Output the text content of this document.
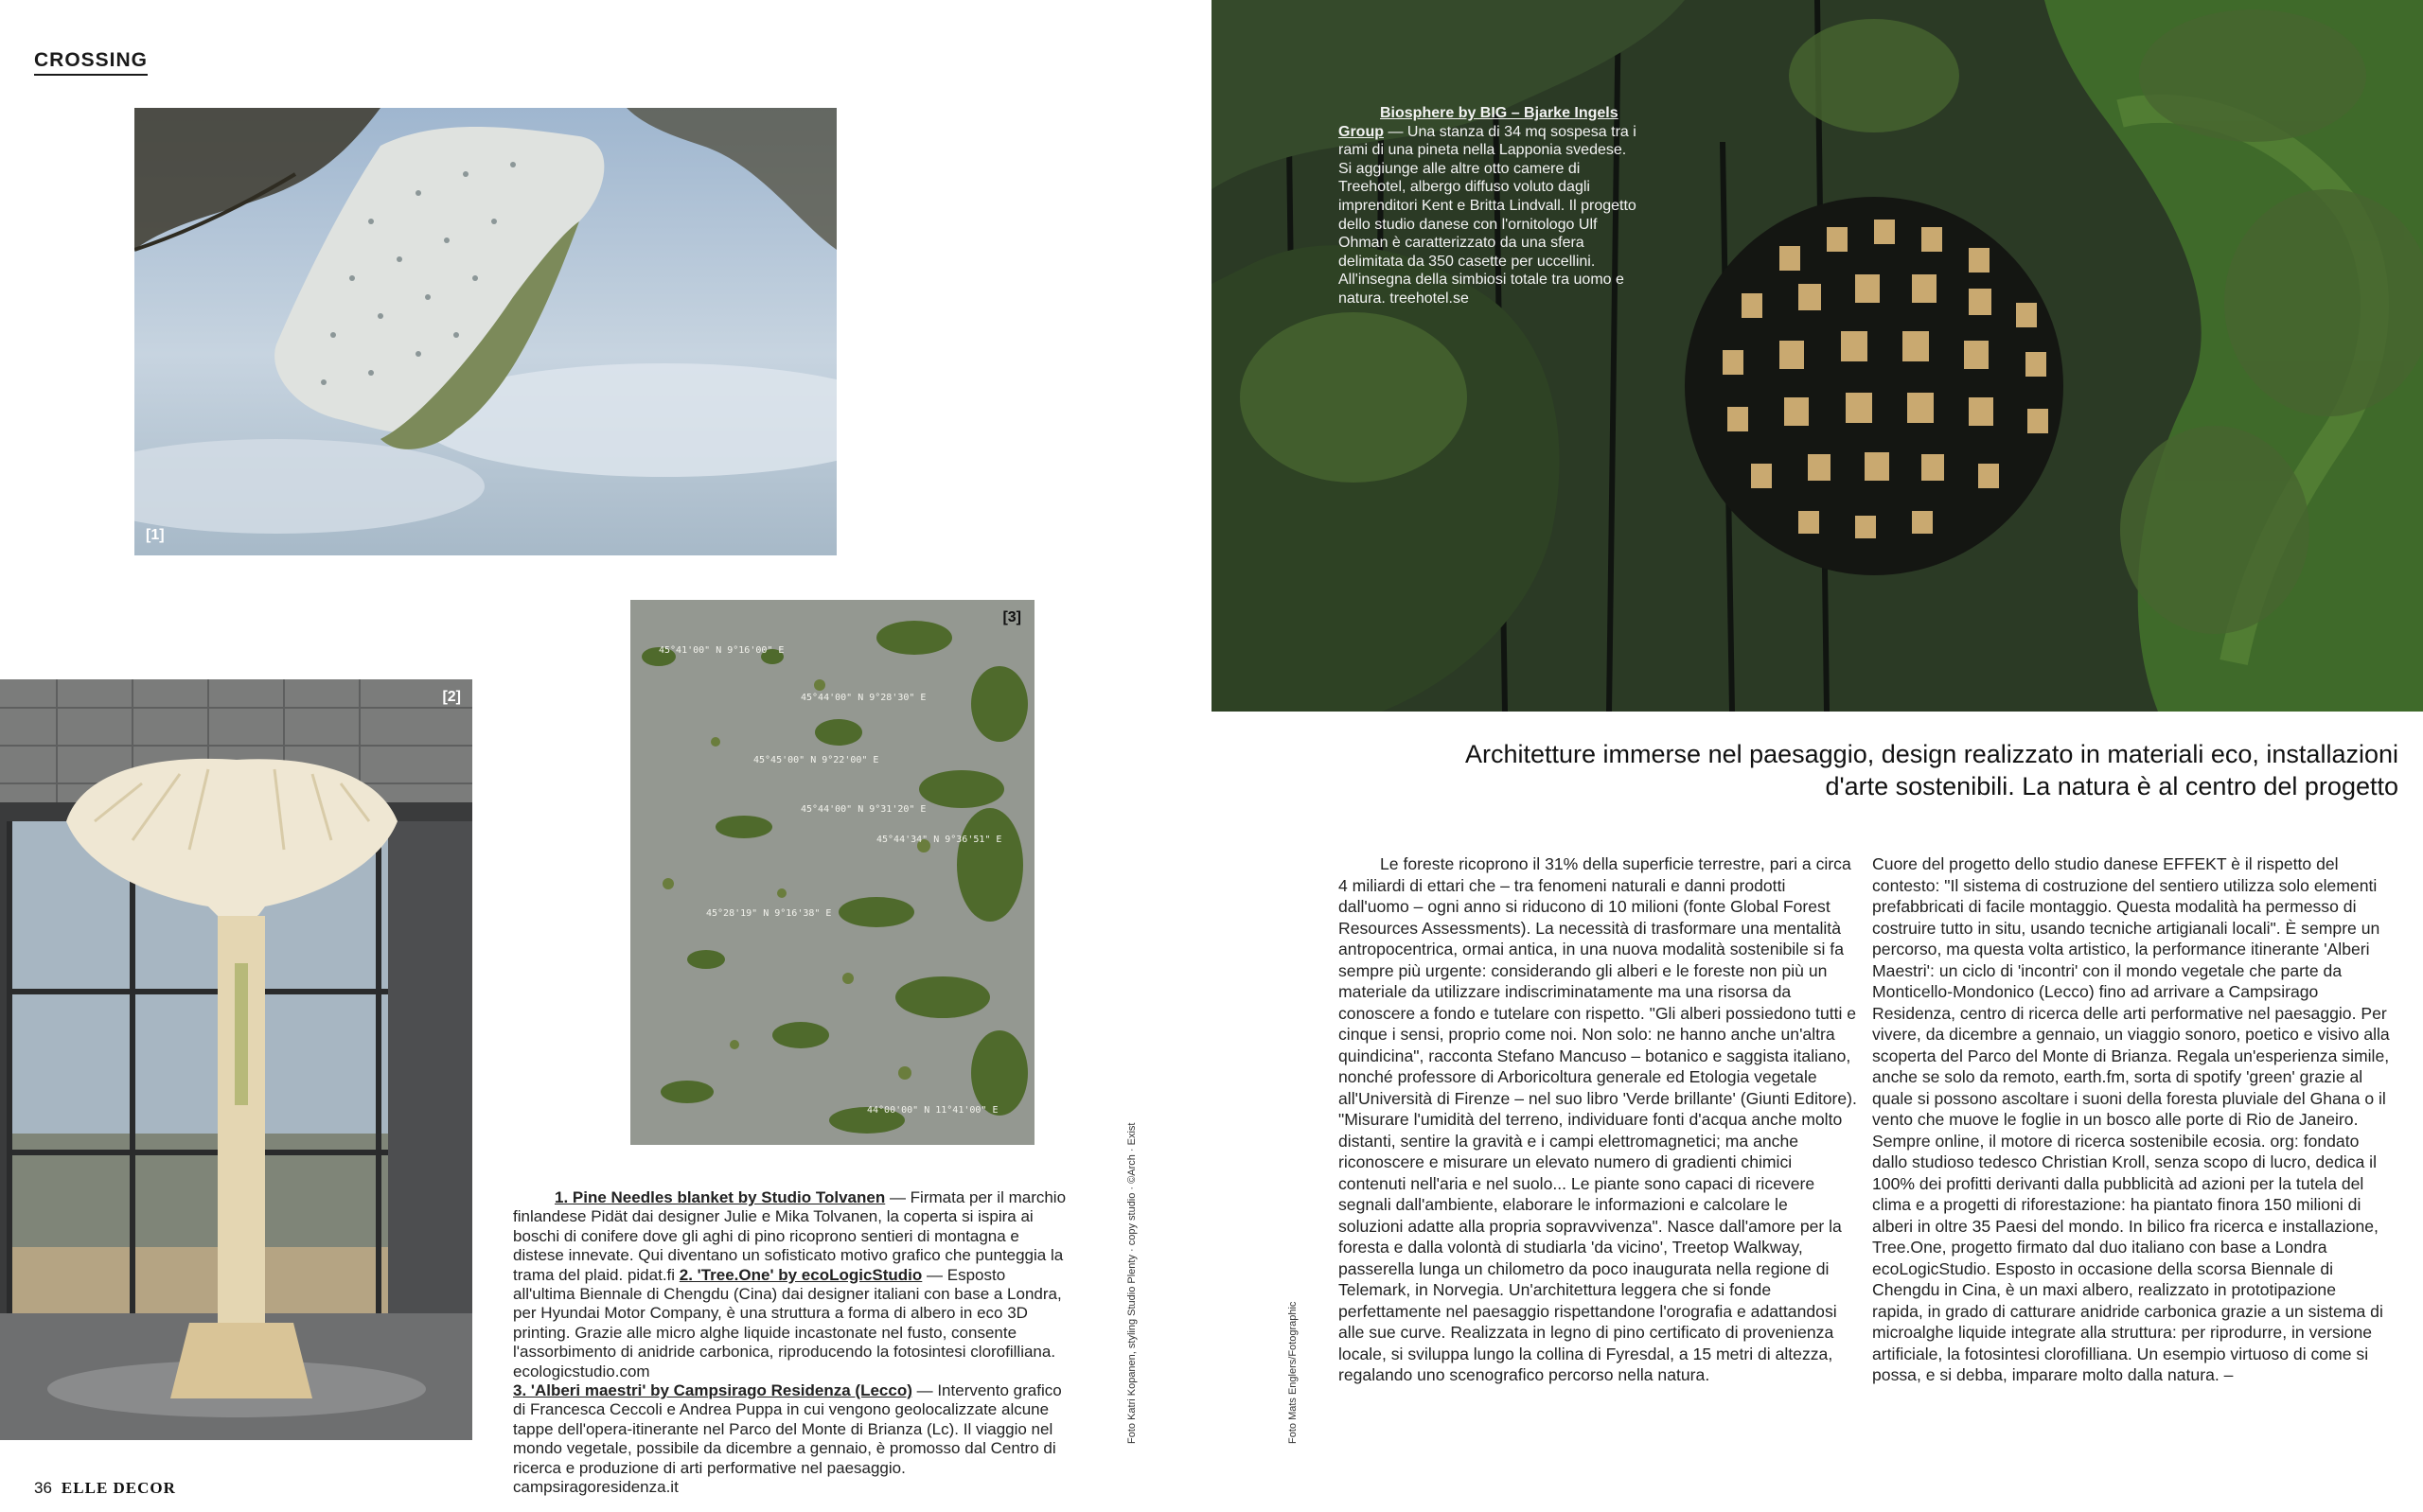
CROSSING
[1]
[2]
45°41'00" N 9°16'00" E
45°44'00" N 9°28'30" E
45°45'00" N 9°22'00" E
45°44'00" N 9°31'20" E
45°44'34" N 9°36'51" E
45°28'19" N 9°16'38" E
44°00'00" N 11°41'00" E
[3]
Biosphere by BIG – Bjarke Ingels Group — Una stanza di 34 mq sospesa tra i rami di una pineta nella Lapponia svedese. Si aggiunge alle altre otto camere di Treehotel, albergo diffuso voluto dagli imprenditori Kent e Britta Lindvall. Il progetto dello studio danese con l'ornitologo Ulf Ohman è caratterizzato da una sfera delimitata da 350 casette per uccellini. All'insegna della simbiosi totale tra uomo e natura. treehotel.se
Architetture immerse nel paesaggio, design realizzato in materiali eco, installazioni d'arte sostenibili. La natura è al centro del progetto
1. Pine Needles blanket by Studio Tolvanen — Firmata per il marchio finlandese Pidät dai designer Julie e Mika Tolvanen, la coperta si ispira ai boschi di conifere dove gli aghi di pino ricoprono sentieri di montagna e distese innevate. Qui diventano un sofisticato motivo grafico che punteggia la trama del plaid. pidat.fi 2. 'Tree.One' by ecoLogicStudio — Esposto all'ultima Biennale di Chengdu (Cina) dai designer italiani con base a Londra, per Hyundai Motor Company, è una struttura a forma di albero in eco 3D printing. Grazie alle micro alghe liquide incastonate nel fusto, consente l'assorbimento di anidride carbonica, riproducendo la fotosintesi clorofilliana. ecologicstudio.com
3. 'Alberi maestri' by Campsirago Residenza (Lecco) — Intervento grafico di Francesca Ceccoli e Andrea Puppa in cui vengono geolocalizzate alcune tappe dell'opera-itinerante nel Parco del Monte di Brianza (Lc). Il viaggio nel mondo vegetale, possibile da dicembre a gennaio, è promosso dal Centro di ricerca e produzione di arti performative nel paesaggio. campsiragoresidenza.it
Foto Katri Kopanen, styling Studio Plenty · copy studio · ©Arch · Exist	Foto Mats Englers/Fotographic

Le foreste ricoprono il 31% della superficie terrestre, pari a circa 4 miliardi di ettari che – tra fenomeni naturali e danni prodotti dall'uomo – ogni anno si riducono di 10 milioni (fonte Global Forest Resources Assessments). La necessità di trasformare una mentalità antropocentrica, ormai antica, in una nuova modalità sostenibile si fa sempre più urgente: considerando gli alberi e le foreste non più un materiale da utilizzare indiscriminatamente ma una risorsa da conoscere a fondo e tutelare con rispetto. "Gli alberi possiedono tutti e cinque i sensi, proprio come noi. Non solo: ne hanno anche un'altra quindicina", racconta Stefano Mancuso – botanico e saggista italiano, nonché professore di Arboricoltura generale ed Etologia vegetale all'Università di Firenze – nel suo libro 'Verde brillante' (Giunti Editore). "Misurare l'umidità del terreno, individuare fonti d'acqua anche molto distanti, sentire la gravità e i campi elettromagnetici; ma anche riconoscere e misurare un elevato numero di gradienti chimici contenuti nell'aria e nel suolo... Le piante sono capaci di ricevere segnali dall'ambiente, elaborare le informazioni e calcolare le soluzioni adatte alla propria sopravvivenza". Nasce dall'amore per la foresta e dalla volontà di studiarla 'da vicino', Treetop Walkway, passerella lunga un chilometro da poco inaugurata nella regione di Telemark, in Norvegia. Un'architettura leggera che si fonde perfettamente nel paesaggio rispettandone l'orografia e adattandosi alle sue curve. Realizzata in legno di pino certificato di provenienza locale, si sviluppa lungo la collina di Fyresdal, a 15 metri di altezza, regalando uno scenografico percorso nella natura.

Cuore del progetto dello studio danese EFFEKT è il rispetto del contesto: "Il sistema di costruzione del sentiero utilizza solo elementi prefabbricati di facile montaggio. Questa modalità ha permesso di costruire tutto in situ, usando tecniche artigianali locali". È sempre un percorso, ma questa volta artistico, la performance itinerante 'Alberi Maestri': un ciclo di 'incontri' con il mondo vegetale che parte da Monticello-Mondonico (Lecco) fino ad arrivare a Campsirago Residenza, centro di ricerca delle arti performative nel paesaggio. Per vivere, da dicembre a gennaio, un viaggio sonoro, poetico e visivo alla scoperta del Parco del Monte di Brianza. Regala un'esperienza simile, anche se solo da remoto, earth.fm, sorta di spotify 'green' grazie al quale si possono ascoltare i suoni della foresta pluviale del Ghana o il vento che muove le foglie in un bosco alle porte di Rio de Janeiro. Sempre online, il motore di ricerca sostenibile ecosia. org: fondato dallo studioso tedesco Christian Kroll, senza scopo di lucro, dedica il 100% dei profitti derivanti dalla pubblicità ad azioni per la tutela del clima e a progetti di riforestazione: ha piantato finora 150 milioni di alberi in oltre 35 Paesi del mondo. In bilico fra ricerca e installazione, Tree.One, progetto firmato dal duo italiano con base a Londra ecoLogicStudio. Esposto in occasione della scorsa Biennale di Chengdu in Cina, è un maxi albero, realizzato in prototipazione rapida, in grado di catturare anidride carbonica grazie a un sistema di microalghe liquide integrate alla struttura: per riprodurre, in versione artificiale, la fotosintesi clorofilliana. Un esempio virtuoso di come si possa, e si debba, imparare molto dalla natura. –

36 ELLE DECOR
